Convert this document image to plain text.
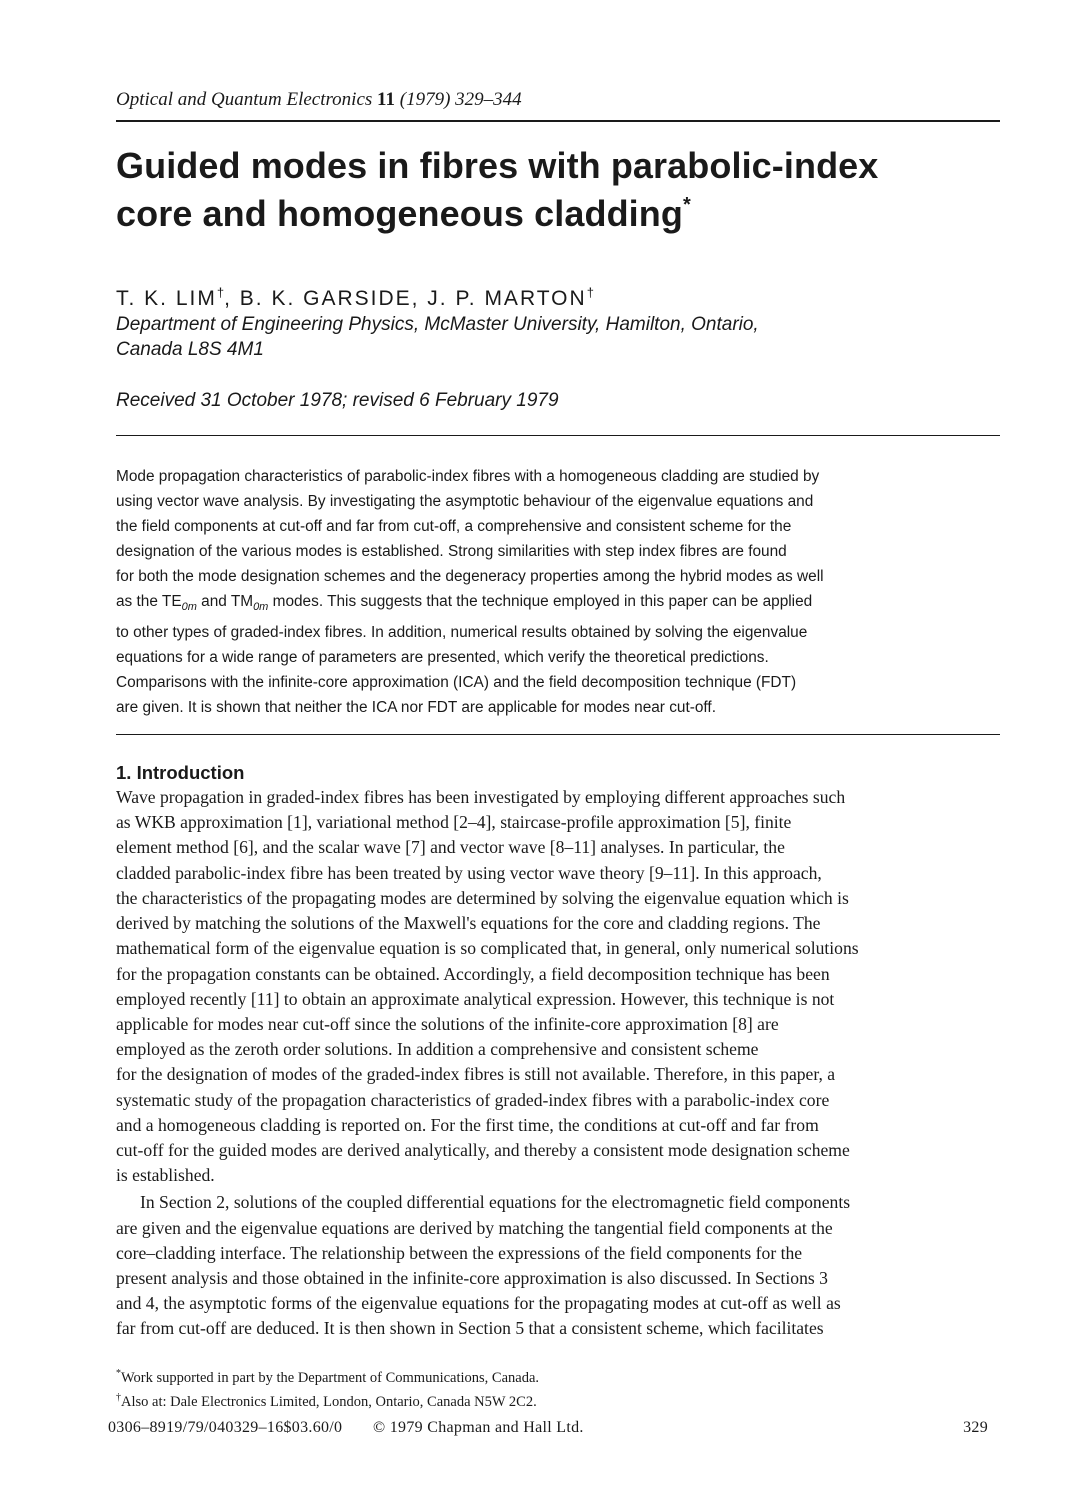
Optical and Quantum Electronics 11 (1979) 329–344

Guided modes in fibres with parabolic-index
core and homogeneous cladding*

T. K. LIM†, B. K. GARSIDE, J. P. MARTON†

Department of Engineering Physics, McMaster University, Hamilton, Ontario,
Canada L8S 4M1

Received 31 October 1978; revised 6 February 1979

Mode propagation characteristics of parabolic-index fibres with a homogeneous cladding are studied by
using vector wave analysis. By investigating the asymptotic behaviour of the eigenvalue equations and
the field components at cut-off and far from cut-off, a comprehensive and consistent scheme for the
designation of the various modes is established. Strong similarities with step index fibres are found
for both the mode designation schemes and the degeneracy properties among the hybrid modes as well
as the $TE_{0m}$ and $TM_{0m}$ modes. This suggests that the technique employed in this paper can be applied
to other types of graded-index fibres. In addition, numerical results obtained by solving the eigenvalue
equations for a wide range of parameters are presented, which verify the theoretical predictions.
Comparisons with the infinite-core approximation (ICA) and the field decomposition technique (FDT)
are given. It is shown that neither the ICA nor FDT are applicable for modes near cut-off.
1. Introduction
Wave propagation in graded-index fibres has been investigated by employing different approaches such
as WKB approximation [1], variational method [2–4], staircase-profile approximation [5], finite
element method [6], and the scalar wave [7] and vector wave [8–11] analyses. In particular, the
cladded parabolic-index fibre has been treated by using vector wave theory [9–11]. In this approach,
the characteristics of the propagating modes are determined by solving the eigenvalue equation which is
derived by matching the solutions of the Maxwell's equations for the core and cladding regions. The
mathematical form of the eigenvalue equation is so complicated that, in general, only numerical solutions
for the propagation constants can be obtained. Accordingly, a field decomposition technique has been
employed recently [11] to obtain an approximate analytical expression. However, this technique is not
applicable for modes near cut-off since the solutions of the infinite-core approximation [8] are
employed as the zeroth order solutions. In addition a comprehensive and consistent scheme
for the designation of modes of the graded-index fibres is still not available. Therefore, in this paper, a
systematic study of the propagation characteristics of graded-index fibres with a parabolic-index core
and a homogeneous cladding is reported on. For the first time, the conditions at cut-off and far from
cut-off for the guided modes are derived analytically, and thereby a consistent mode designation scheme
is established.
In Section 2, solutions of the coupled differential equations for the electromagnetic field components
are given and the eigenvalue equations are derived by matching the tangential field components at the
core–cladding interface. The relationship between the expressions of the field components for the
present analysis and those obtained in the infinite-core approximation is also discussed. In Sections 3
and 4, the asymptotic forms of the eigenvalue equations for the propagating modes at cut-off as well as
far from cut-off are deduced. It is then shown in Section 5 that a consistent scheme, which facilitates
*Work supported in part by the Department of Communications, Canada.
†Also at: Dale Electronics Limited, London, Ontario, Canada N5W 2C2.
0306–8919/79/040329–16$03.60/0 © 1979 Chapman and Hall Ltd.	329
